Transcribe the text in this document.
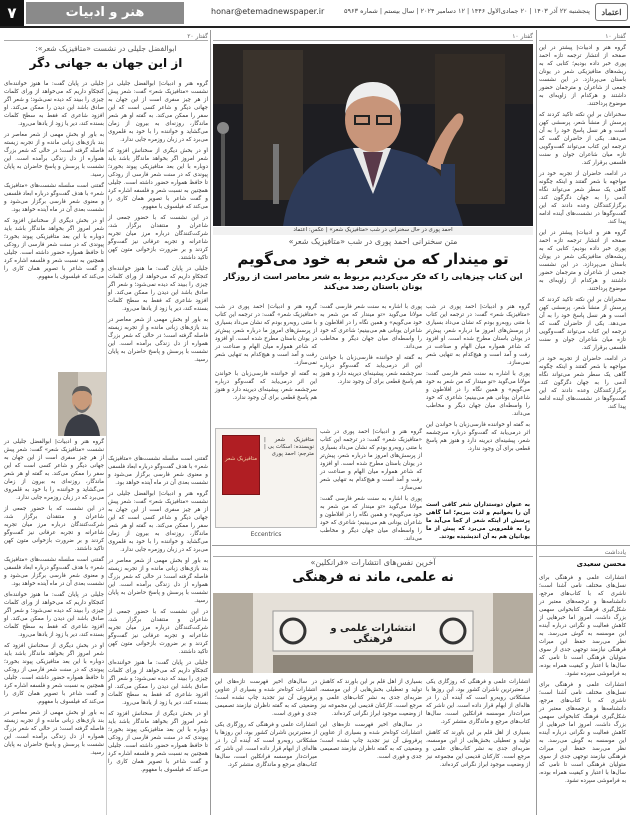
۷	هنر و ادبیات	honar@etemadnewspaper.ir	پنجشنبه ۲۲ آذر ۱۴۰۳ | ۲۰ جمادی‌الاول ۱۴۴۶ | ۱۲ دسامبر ۲۰۲۴ | سال بیستم | شماره ۵۹۶۳	اعتماد
گفتار ۲۰
ابوالفضل جلیلی در نشست «متافیزیک شعر»:
از این جهان به جهانی دگر

گروه هنر و ادبیات| ابوالفضل جلیلی در نشست «متافیزیک شعر» گفت: شعر پیش از هر چیز سفری است از این جهان به جهانی دیگر و شاعر کسی است که این سفر را ممکن می‌کند. به گفته او هر شعر ماندگار، روزنه‌ای به بیرون از زمان می‌گشاید و خواننده را با خود به قلمروی می‌برد که در زبان روزمره جایی ندارد.

او در بخش دیگری از سخنانش افزود که شعر امروز اگر بخواهد ماندگار باشد باید دوباره با این بعد متافیزیکی پیوند بخورد؛ پیوندی که در سنت شعر فارسی از رودکی تا حافظ همواره حضور داشته است. جلیلی همچنین به نسبت شعر و فلسفه اشاره کرد و گفت شاعر با تصویر همان کاری را می‌کند که فیلسوف با مفهوم.

در این نشست که با حضور جمعی از شاعران و منتقدان برگزار شد، شرکت‌کنندگان درباره مرز میان تجربه شاعرانه و تجربه عرفانی نیز گفت‌وگو کردند و بر ضرورت بازخوانی متون کهن تاکید داشتند.

جلیلی در پایان گفت: ما هنوز خواننده‌ای کنجکاو داریم که می‌خواهد از ورای کلمات چیزی را ببیند که دیده نمی‌شود؛ و شعر اگر صادق باشد این دیدن را ممکن می‌کند. او افزود شاعری که فقط به سطح کلمات بسنده کند، دیر یا زود از یادها می‌رود.

به باور او بخش مهمی از شعر معاصر در بند بازی‌های زبانی مانده و از تجربه زیسته فاصله گرفته است؛ در حالی که شعر بزرگ همواره از دل زندگی برآمده است. این نشست با پرسش و پاسخ حاضران به پایان رسید.

جلیلی در پایان گفت: ما هنوز خواننده‌ای کنجکاو داریم که می‌خواهد از ورای کلمات چیزی را ببیند که دیده نمی‌شود؛ و شعر اگر صادق باشد این دیدن را ممکن می‌کند. او افزود شاعری که فقط به سطح کلمات بسنده کند، دیر یا زود از یادها می‌رود.

به باور او بخش مهمی از شعر معاصر در بند بازی‌های زبانی مانده و از تجربه زیسته فاصله گرفته است؛ در حالی که شعر بزرگ همواره از دل زندگی برآمده است. این نشست با پرسش و پاسخ حاضران به پایان رسید.

گفتنی است سلسله نشست‌های «متافیزیک شعر» با هدف گفت‌وگو درباره ابعاد فلسفی و معنوی شعر فارسی برگزار می‌شود و نشست بعدی آن در ماه آینده خواهد بود.

او در بخش دیگری از سخنانش افزود که شعر امروز اگر بخواهد ماندگار باشد باید دوباره با این بعد متافیزیکی پیوند بخورد؛ پیوندی که در سنت شعر فارسی از رودکی تا حافظ همواره حضور داشته است. جلیلی همچنین به نسبت شعر و فلسفه اشاره کرد و گفت شاعر با تصویر همان کاری را می‌کند که فیلسوف با مفهوم.

گروه هنر و ادبیات| ابوالفضل جلیلی در نشست «متافیزیک شعر» گفت: شعر پیش از هر چیز سفری است از این جهان به جهانی دیگر و شاعر کسی است که این سفر را ممکن می‌کند. به گفته او هر شعر ماندگار، روزنه‌ای به بیرون از زمان می‌گشاید و خواننده را با خود به قلمروی می‌برد که در زبان روزمره جایی ندارد.

در این نشست که با حضور جمعی از شاعران و منتقدان برگزار شد، شرکت‌کنندگان درباره مرز میان تجربه شاعرانه و تجربه عرفانی نیز گفت‌وگو کردند و بر ضرورت بازخوانی متون کهن تاکید داشتند.

گفتنی است سلسله نشست‌های «متافیزیک شعر» با هدف گفت‌وگو درباره ابعاد فلسفی و معنوی شعر فارسی برگزار می‌شود و نشست بعدی آن در ماه آینده خواهد بود.

جلیلی در پایان گفت: ما هنوز خواننده‌ای کنجکاو داریم که می‌خواهد از ورای کلمات چیزی را ببیند که دیده نمی‌شود؛ و شعر اگر صادق باشد این دیدن را ممکن می‌کند. او افزود شاعری که فقط به سطح کلمات بسنده کند، دیر یا زود از یادها می‌رود.

او در بخش دیگری از سخنانش افزود که شعر امروز اگر بخواهد ماندگار باشد باید دوباره با این بعد متافیزیکی پیوند بخورد؛ پیوندی که در سنت شعر فارسی از رودکی تا حافظ همواره حضور داشته است. جلیلی همچنین به نسبت شعر و فلسفه اشاره کرد و گفت شاعر با تصویر همان کاری را می‌کند که فیلسوف با مفهوم.

به باور او بخش مهمی از شعر معاصر در بند بازی‌های زبانی مانده و از تجربه زیسته فاصله گرفته است؛ در حالی که شعر بزرگ همواره از دل زندگی برآمده است. این نشست با پرسش و پاسخ حاضران به پایان رسید.

گفتنی است سلسله نشست‌های «متافیزیک شعر» با هدف گفت‌وگو درباره ابعاد فلسفی و معنوی شعر فارسی برگزار می‌شود و نشست بعدی آن در ماه آینده خواهد بود.

گروه هنر و ادبیات| ابوالفضل جلیلی در نشست «متافیزیک شعر» گفت: شعر پیش از هر چیز سفری است از این جهان به جهانی دیگر و شاعر کسی است که این سفر را ممکن می‌کند. به گفته او هر شعر ماندگار، روزنه‌ای به بیرون از زمان می‌گشاید و خواننده را با خود به قلمروی می‌برد که در زبان روزمره جایی ندارد.

به باور او بخش مهمی از شعر معاصر در بند بازی‌های زبانی مانده و از تجربه زیسته فاصله گرفته است؛ در حالی که شعر بزرگ همواره از دل زندگی برآمده است. این نشست با پرسش و پاسخ حاضران به پایان رسید.

در این نشست که با حضور جمعی از شاعران و منتقدان برگزار شد، شرکت‌کنندگان درباره مرز میان تجربه شاعرانه و تجربه عرفانی نیز گفت‌وگو کردند و بر ضرورت بازخوانی متون کهن تاکید داشتند.

جلیلی در پایان گفت: ما هنوز خواننده‌ای کنجکاو داریم که می‌خواهد از ورای کلمات چیزی را ببیند که دیده نمی‌شود؛ و شعر اگر صادق باشد این دیدن را ممکن می‌کند. او افزود شاعری که فقط به سطح کلمات بسنده کند، دیر یا زود از یادها می‌رود.

او در بخش دیگری از سخنانش افزود که شعر امروز اگر بخواهد ماندگار باشد باید دوباره با این بعد متافیزیکی پیوند بخورد؛ پیوندی که در سنت شعر فارسی از رودکی تا حافظ همواره حضور داشته است. جلیلی همچنین به نسبت شعر و فلسفه اشاره کرد و گفت شاعر با تصویر همان کاری را می‌کند که فیلسوف با مفهوم.

گفتار ۱۰
احمد پوری در حال سخنرانی در شب «متافیزیک شعر» | عکس: اعتماد
متن سخنرانی احمد پوری در شب «متافیزیک شعر»
تو میندار که من شعر به خود می‌گویم
این کتاب چیزهایی را که فکر می‌کردیم مربوط به شعر معاصر است از روزگار یونان باستان رصد می‌کند

گروه هنر و ادبیات| احمد پوری در شب «متافیزیک شعر» گفت: در ترجمه این کتاب با متنی روبه‌رو بودم که نشان می‌داد بسیاری از پرسش‌های امروز ما درباره شعر، پیش‌تر در یونان باستان مطرح شده است. او افزود که شاعر همواره میان الهام و صناعت در رفت و آمد است و هیچ‌کدام به تنهایی شعر نمی‌سازد.

پوری با اشاره به سنت شعر فارسی گفت: مولانا می‌گوید «تو میندار که من شعر به خود می‌گویم» و همین نگاه را در افلاطون و شاعران یونانی هم می‌بینیم؛ شاعری که خود را واسطه‌ای میان جهان دیگر و مخاطب می‌داند.

به گفته او خواننده فارسی‌زبان با خواندن این اثر درمی‌یابد که گفت‌وگو درباره سرچشمه شعر، پیشینه‌ای دیرینه دارد و هنوز هم پاسخ قطعی برای آن وجود ندارد.

پوری با اشاره به سنت شعر فارسی گفت: مولانا می‌گوید «تو میندار که من شعر به خود می‌گویم» و همین نگاه را در افلاطون و شاعران یونانی هم می‌بینیم؛ شاعری که خود را واسطه‌ای میان جهان دیگر و مخاطب می‌داند.

به گفته او خواننده فارسی‌زبان با خواندن این اثر درمی‌یابد که گفت‌وگو درباره سرچشمه شعر، پیشینه‌ای دیرینه دارد و هنوز هم پاسخ قطعی برای آن وجود ندارد.

گروه هنر و ادبیات| احمد پوری در شب «متافیزیک شعر» گفت: در ترجمه این کتاب با متنی روبه‌رو بودم که نشان می‌داد بسیاری از پرسش‌های امروز ما درباره شعر، پیش‌تر در یونان باستان مطرح شده است. او افزود که شاعر همواره میان الهام و صناعت در رفت و آمد است و هیچ‌کدام به تنهایی شعر نمی‌سازد.

به گفته او خواننده فارسی‌زبان با خواندن این اثر درمی‌یابد که گفت‌وگو درباره سرچشمه شعر، پیشینه‌ای دیرینه دارد و هنوز هم پاسخ قطعی برای آن وجود ندارد.

متافیزیک شعر
متافیزیک شعر | نویسنده: اسکات بی | مترجم: احمد پوری
Eccentrics

گروه هنر و ادبیات| احمد پوری در شب «متافیزیک شعر» گفت: در ترجمه این کتاب با متنی روبه‌رو بودم که نشان می‌داد بسیاری از پرسش‌های امروز ما درباره شعر، پیش‌تر در یونان باستان مطرح شده است. او افزود که شاعر همواره میان الهام و صناعت در رفت و آمد است و هیچ‌کدام به تنهایی شعر نمی‌سازد.

پوری با اشاره به سنت شعر فارسی گفت: مولانا می‌گوید «تو میندار که من شعر به خود می‌گویم» و همین نگاه را در افلاطون و شاعران یونانی هم می‌بینیم؛ شاعری که خود را واسطه‌ای میان جهان دیگر و مخاطب می‌داند.

به عنوان دوستداران شعر کافی است آن را بخوانیم و لذت ببریم؛ اما گاهی پرسش از اینکه شعر از کجا می‌آید ما را به قلمرویی می‌برد که پیش از ما یونانیان هم به آن اندیشیده بودند.
گفتار ۱۰

گروه هنر و ادبیات| پیشتر در این صفحه از انتشار ترجمه تازه احمد پوری خبر داده بودیم؛ کتابی که به ریشه‌های متافیزیکی شعر در یونان باستان می‌پردازد. در این نشست جمعی از شاعران و مترجمان حضور داشتند و هرکدام از زاویه‌ای به موضوع پرداختند.

سخنرانان بر این نکته تاکید کردند که پرسش از منشأ شعر، پرسشی کهن است و هر نسل پاسخ خود را به آن می‌دهد. یکی از حاضران گفت که ترجمه این کتاب می‌تواند گفت‌وگویی تازه میان شاعران جوان و سنت فلسفی برقرار کند.

در ادامه، حاضران از تجربه خود در مواجهه با شعر گفتند و اینکه چگونه گاهی یک سطر شعر می‌تواند نگاه آدمی را به جهان دگرگون کند. برگزارکنندگان وعده دادند که این گفت‌وگوها در نشست‌های آینده ادامه پیدا کند.

گروه هنر و ادبیات| پیشتر در این صفحه از انتشار ترجمه تازه احمد پوری خبر داده بودیم؛ کتابی که به ریشه‌های متافیزیکی شعر در یونان باستان می‌پردازد. در این نشست جمعی از شاعران و مترجمان حضور داشتند و هرکدام از زاویه‌ای به موضوع پرداختند.

سخنرانان بر این نکته تاکید کردند که پرسش از منشأ شعر، پرسشی کهن است و هر نسل پاسخ خود را به آن می‌دهد. یکی از حاضران گفت که ترجمه این کتاب می‌تواند گفت‌وگویی تازه میان شاعران جوان و سنت فلسفی برقرار کند.

در ادامه، حاضران از تجربه خود در مواجهه با شعر گفتند و اینکه چگونه گاهی یک سطر شعر می‌تواند نگاه آدمی را به جهان دگرگون کند. برگزارکنندگان وعده دادند که این گفت‌وگوها در نشست‌های آینده ادامه پیدا کند.

آخرین نفس‌های انتشارات «فرانکلین»
نه علمی، ماند نه فرهنگی
انتشارات علمی و فرهنگی

انتشارات علمی و فرهنگی که روزگاری یکی از معتبرترین ناشران کشور بود، این روزها با مشکلاتی روبه‌رو است که آینده آن را در هاله‌ای از ابهام قرار داده است. این ناشر که میراث‌دار موسسه فرانکلین است، سال‌ها کتاب‌های مرجع و ماندگاری منتشر کرد.

بسیاری از اهل قلم بر این باورند که کاهش تولید و تعطیلی بخش‌هایی از این موسسه، ضربه‌ای جدی به نشر کتاب‌های علمی و مرجع است. کارکنان قدیمی این مجموعه نیز از وضعیت موجود ابراز نگرانی کرده‌اند.

بسیاری از اهل قلم بر این باورند که کاهش تولید و تعطیلی بخش‌هایی از این موسسه، ضربه‌ای جدی به نشر کتاب‌های علمی و مرجع است. کارکنان قدیمی این مجموعه نیز از وضعیت موجود ابراز نگرانی کرده‌اند.

در سال‌های اخیر فهرست تازه‌های این انتشارات کوتاه‌تر شده و بسیاری از عناوین پرفروش آن نیز تجدید چاپ نشده است؛ وضعیتی که به گفته ناظران نیازمند تصمیمی جدی و فوری است.

در سال‌های اخیر فهرست تازه‌های این انتشارات کوتاه‌تر شده و بسیاری از عناوین پرفروش آن نیز تجدید چاپ نشده است؛ وضعیتی که به گفته ناظران نیازمند تصمیمی جدی و فوری است.

انتشارات علمی و فرهنگی که روزگاری یکی از معتبرترین ناشران کشور بود، این روزها با مشکلاتی روبه‌رو است که آینده آن را در هاله‌ای از ابهام قرار داده است. این ناشر که میراث‌دار موسسه فرانکلین است، سال‌ها کتاب‌های مرجع و ماندگاری منتشر کرد.

یادداشت
محسن سعیدی

انتشارات علمی و فرهنگی برای نسل‌های مختلف نامی آشنا است؛ ناشری که با کتاب‌های مرجع، دانشنامه‌ها و ترجمه‌های معتبر در شکل‌گیری فرهنگ کتابخوانی سهمی بزرگ داشت. امروز اما خبرهایی از کاهش فعالیت و نگرانی درباره آینده این موسسه به گوش می‌رسد. به نظر می‌رسد حفظ این میراث فرهنگی نیازمند توجهی جدی از سوی متولیان فرهنگی است تا نامی که سال‌ها با اعتبار و کیفیت همراه بوده، به فراموشی سپرده نشود.

انتشارات علمی و فرهنگی برای نسل‌های مختلف نامی آشنا است؛ ناشری که با کتاب‌های مرجع، دانشنامه‌ها و ترجمه‌های معتبر در شکل‌گیری فرهنگ کتابخوانی سهمی بزرگ داشت. امروز اما خبرهایی از کاهش فعالیت و نگرانی درباره آینده این موسسه به گوش می‌رسد. به نظر می‌رسد حفظ این میراث فرهنگی نیازمند توجهی جدی از سوی متولیان فرهنگی است تا نامی که سال‌ها با اعتبار و کیفیت همراه بوده، به فراموشی سپرده نشود.
